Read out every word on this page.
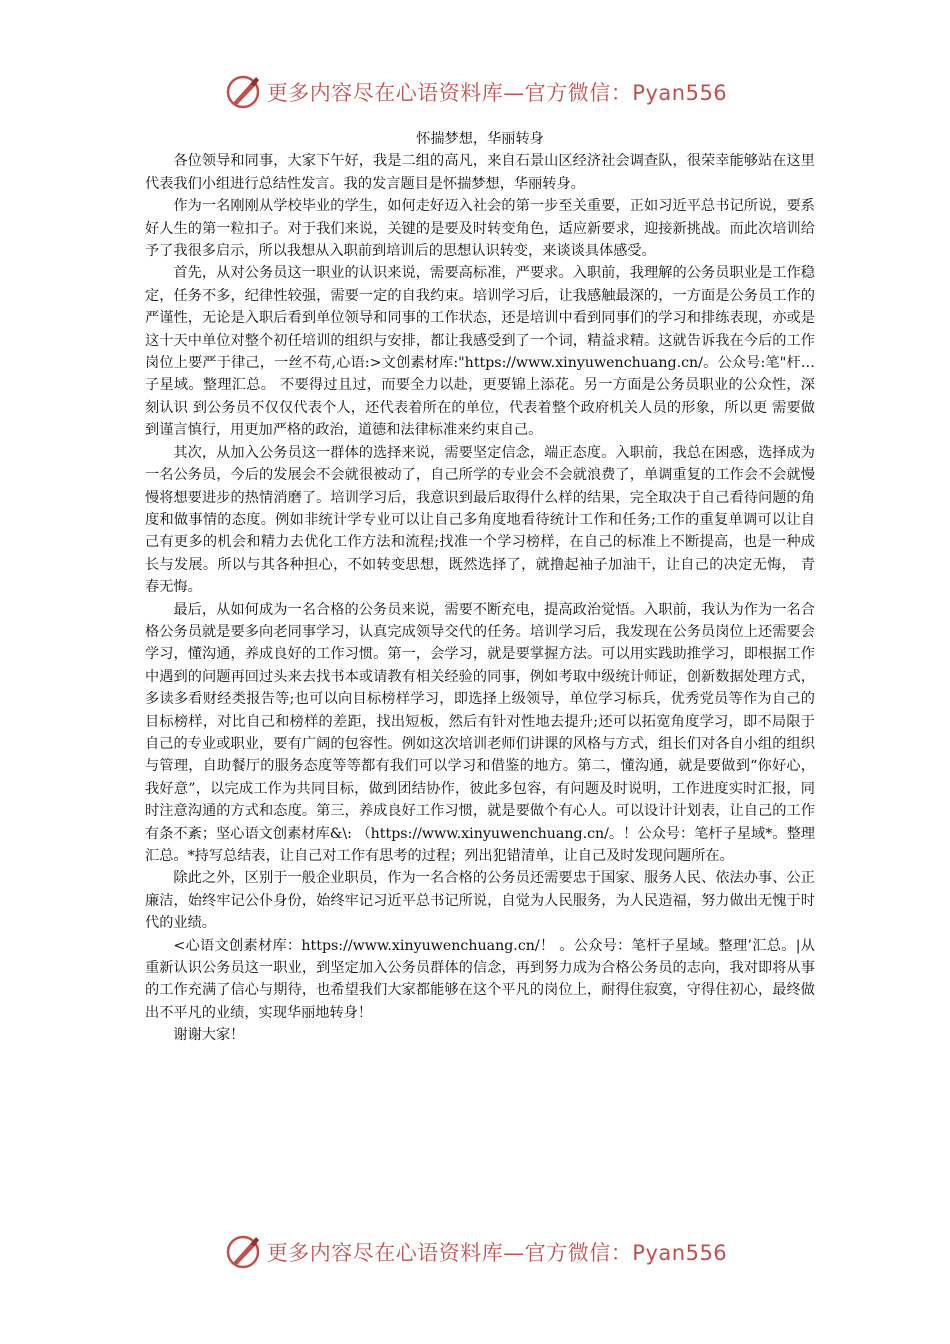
更多内容尽在心语资料库—官方微信：Pyan556

怀揣梦想，华丽转身

各位领导和同事，大家下午好，我是二组的高凡，来自石景山区经济社会调查队，很荣幸能够站在这里代表我们小组进行总结性发言。我的发言题目是怀揣梦想，华丽转身。

作为一名刚刚从学校毕业的学生，如何走好迈入社会的第一步至关重要，正如习近平总书记所说，要系好人生的第一粒扣子。对于我们来说，关键的是要及时转变角色，适应新要求，迎接新挑战。而此次培训给予了我很多启示，所以我想从入职前到培训后的思想认识转变，来谈谈具体感受。

首先，从对公务员这一职业的认识来说，需要高标准，严要求。入职前，我理解的公务员职业是工作稳定，任务不多，纪律性较强，需要一定的自我约束。培训学习后，让我感触最深的，一方面是公务员工作的严谨性，无论是入职后看到单位领导和同事的工作状态，还是培训中看到同事们的学习和排练表现，亦或是这十天中单位对整个初任培训的组织与安排，都让我感受到了一个词，精益求精。这就告诉我在今后的工作岗位上要严于律己，一丝不苟,心语:>文创素材库:"https://www.xinyuwenchuang.cn/。公众号:笔"杆…子星域。整理汇总。 不要得过且过，而要全力以赴，更要锦上添花。另一方面是公务员职业的公众性，深刻认识 到公务员不仅仅代表个人，还代表着所在的单位，代表着整个政府机关人员的形象，所以更 需要做到谨言慎行，用更加严格的政治，道德和法律标准来约束自己。

其次，从加入公务员这一群体的选择来说，需要坚定信念，端正态度。入职前，我总在困惑，选择成为一名公务员，今后的发展会不会就很被动了，自己所学的专业会不会就浪费了，单调重复的工作会不会就慢慢将想要进步的热情消磨了。培训学习后，我意识到最后取得什么样的结果，完全取决于自己看待问题的角度和做事情的态度。例如非统计学专业可以让自己多角度地看待统计工作和任务;工作的重复单调可以让自己有更多的机会和精力去优化工作方法和流程;找准一个学习榜样，在自己的标准上不断提高，也是一种成长与发展。所以与其各种担心，不如转变思想，既然选择了，就撸起袖子加油干，让自己的决定无悔， 青春无悔。

最后，从如何成为一名合格的公务员来说，需要不断充电，提高政治觉悟。入职前，我认为作为一名合格公务员就是要多向老同事学习，认真完成领导交代的任务。培训学习后，我发现在公务员岗位上还需要会学习，懂沟通，养成良好的工作习惯。第一，会学习，就是要掌握方法。可以用实践助推学习，即根据工作中遇到的问题再回过头来去找书本或请教有相关经验的同事，例如考取中级统计师证，创新数据处理方式，多读多看财经类报告等;也可以向目标榜样学习，即选择上级领导，单位学习标兵，优秀党员等作为自己的目标榜样，对比自己和榜样的差距，找出短板，然后有针对性地去提升;还可以拓宽角度学习，即不局限于自己的专业或职业，要有广阔的包容性。例如这次培训老师们讲课的风格与方式，组长们对各自小组的组织与管理，自助餐厅的服务态度等等都有我们可以学习和借鉴的地方。第二，懂沟通，就是要做到“你好心，我好意”，以完成工作为共同目标，做到团结协作，彼此多包容，有问题及时说明，工作进度实时汇报，同时注意沟通的方式和态度。第三，养成良好工作习惯，就是要做个有心人。可以设计计划表，让自己的工作有条不紊；坚心语文创素材库&\: （https://www.xinyuwenchuang.cn/。！公众号：笔杆子星域*。整理汇总。*持写总结表，让自己对工作有思考的过程；列出犯错清单，让自己及时发现问题所在。

除此之外，区别于一般企业职员，作为一名合格的公务员还需要忠于国家、服务人民、依法办事、公正廉洁，始终牢记公仆身份，始终牢记习近平总书记所说，自觉为人民服务，为人民造福，努力做出无愧于时代的业绩。

<心语文创素材库：https://www.xinyuwenchuang.cn/！ 。公众号：笔杆子星域。整理’汇总。|从重新认识公务员这一职业，到坚定加入公务员群体的信念，再到努力成为合格公务员的志向，我对即将从事的工作充满了信心与期待，也希望我们大家都能够在这个平凡的岗位上，耐得住寂寞，守得住初心，最终做出不平凡的业绩，实现华丽地转身！

谢谢大家！

更多内容尽在心语资料库—官方微信：Pyan556
